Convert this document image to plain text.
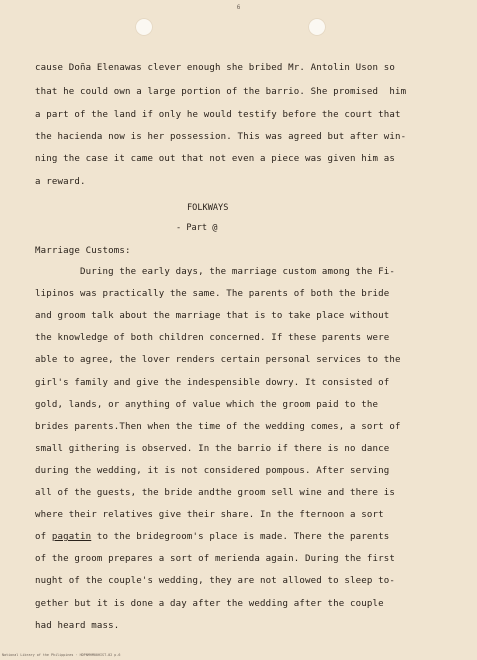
6
cause Doña Elenawas clever enough she bribed Mr. Antolin Uson so
that he could own a large portion of the barrio. She promised  him
a part of the land if only he would testify before the court that
the hacienda now is her possession. This was agreed but after win-
ning the case it came out that not even a piece was given him as
a reward.
FOLKWAYS
- Part @
Marriage Customs:
During the early days, the marriage custom among the Fi-
lipinos was practically the same. The parents of both the bride
and groom talk about the marriage that is to take place without
the knowledge of both children concerned. If these parents were
able to agree, the lover renders certain personal services to the
girl's family and give the indespensible dowry. It consisted of
gold, lands, or anything of value which the groom paid to the
brides parents.Then when the time of the wedding comes, a sort of
small githering is observed. In the barrio if there is no dance
during the wedding, it is not considered pompous. After serving
all of the guests, the bride andthe groom sell wine and there is
where their relatives give their share. In the fternoon a sort
of pagatin to the bridegroom's place is made. There the parents
of the groom prepares a sort of merienda again. During the first
nught of the couple's wedding, they are not allowed to sleep to-
gether but it is done a day after the wedding after the couple
had heard mass.
National Library of the Philippines · HDPNMHM00HIST-02 p.6
